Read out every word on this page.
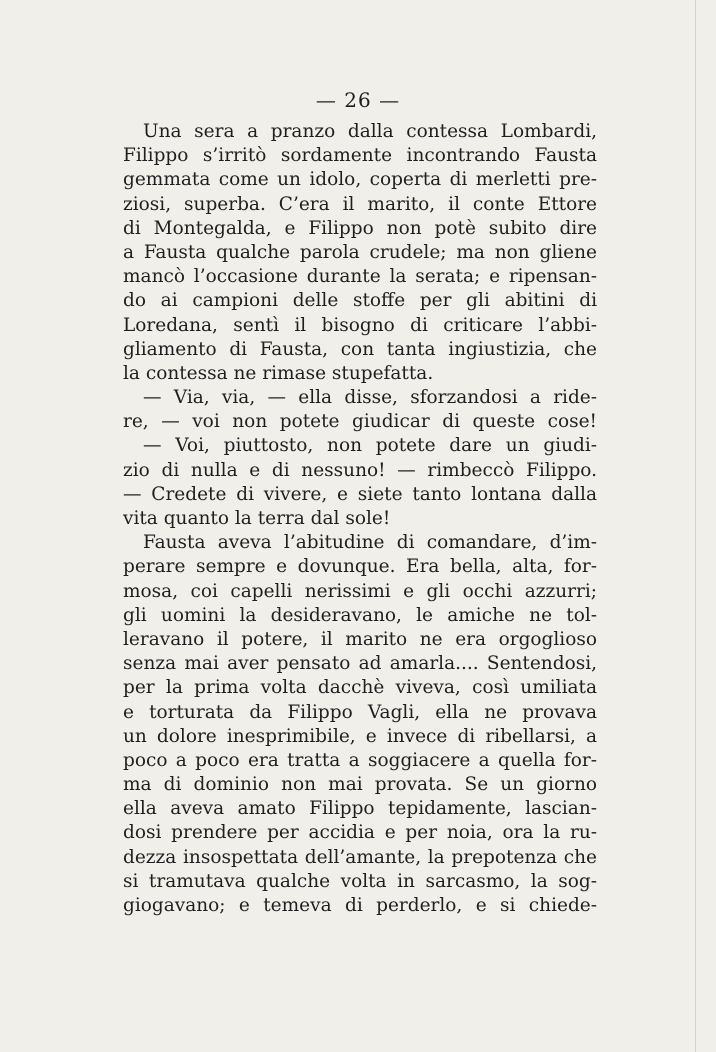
— 26 —
Una sera a pranzo dalla contessa Lombardi,
Filippo s’irritò sordamente incontrando Fausta
gemmata come un idolo, coperta di merletti pre-
ziosi, superba. C’era il marito, il conte Ettore
di Montegalda, e Filippo non potè subito dire
a Fausta qualche parola crudele; ma non gliene
mancò l’occasione durante la serata; e ripensan-
do ai campioni delle stoffe per gli abitini di
Loredana, sentì il bisogno di criticare l’abbi-
gliamento di Fausta, con tanta ingiustizia, che
la contessa ne rimase stupefatta.
— Via, via, — ella disse, sforzandosi a ride-
re, — voi non potete giudicar di queste cose!
— Voi, piuttosto, non potete dare un giudi-
zio di nulla e di nessuno! — rimbeccò Filippo.
— Credete di vivere, e siete tanto lontana dalla
vita quanto la terra dal sole!
Fausta aveva l’abitudine di comandare, d’im-
perare sempre e dovunque. Era bella, alta, for-
mosa, coi capelli nerissimi e gli occhi azzurri;
gli uomini la desideravano, le amiche ne tol-
leravano il potere, il marito ne era orgoglioso
senza mai aver pensato ad amarla.... Sentendosi,
per la prima volta dacchè viveva, così umiliata
e torturata da Filippo Vagli, ella ne provava
un dolore inesprimibile, e invece di ribellarsi, a
poco a poco era tratta a soggiacere a quella for-
ma di dominio non mai provata. Se un giorno
ella aveva amato Filippo tepidamente, lascian-
dosi prendere per accidia e per noia, ora la ru-
dezza insospettata dell’amante, la prepotenza che
si tramutava qualche volta in sarcasmo, la sog-
giogavano; e temeva di perderlo, e si chiede-
